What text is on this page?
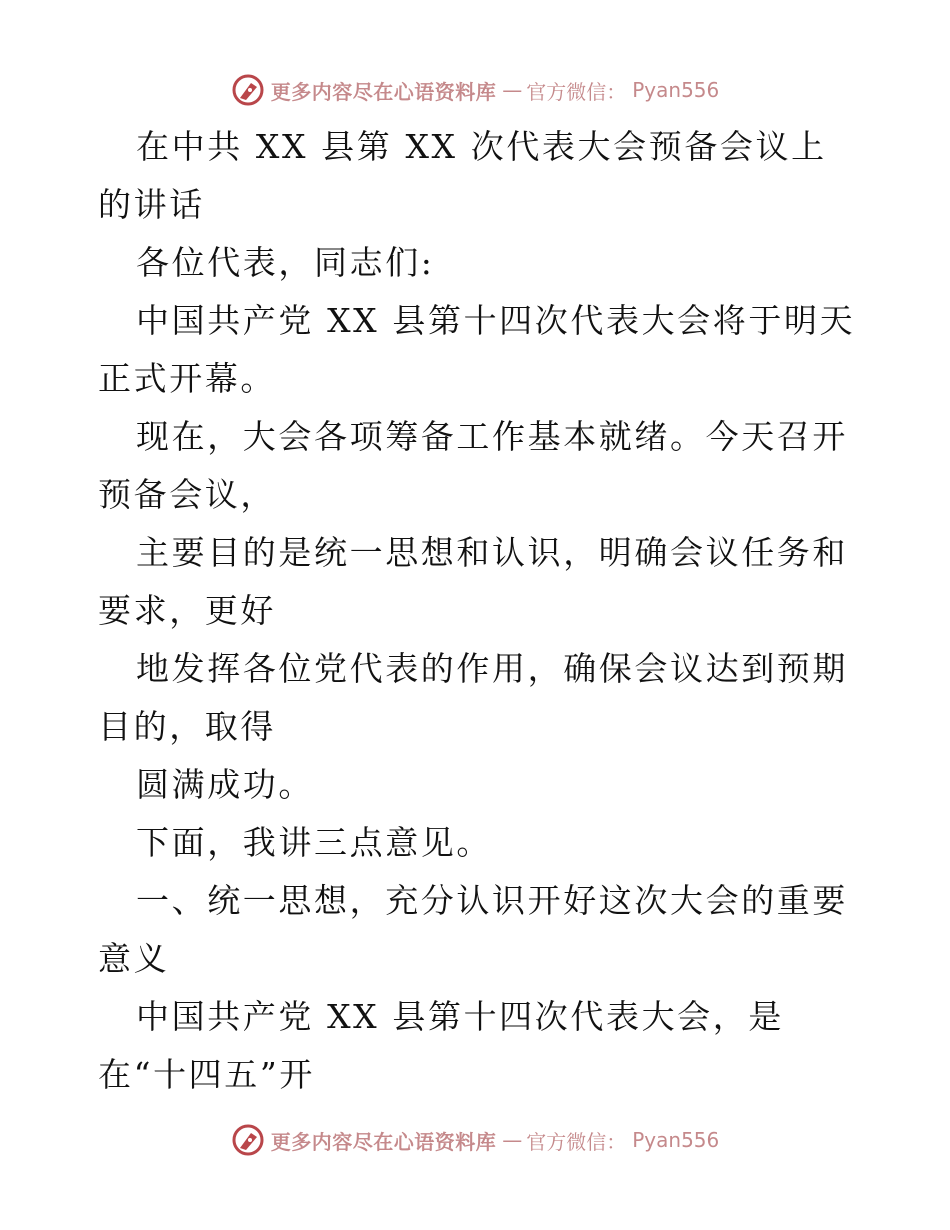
更多内容尽在心语资料库 — 官方微信： Pyan556

在中共 XX 县第 XX 次代表大会预备会议上的讲话

各位代表，同志们:

中国共产党 XX 县第十四次代表大会将于明天正式开幕。

现在，大会各项筹备工作基本就绪。今天召开预备会议，

主要目的是统一思想和认识，明确会议任务和要求，更好

地发挥各位党代表的作用，确保会议达到预期目的，取得

圆满成功。

下面，我讲三点意见。

一、统一思想，充分认识开好这次大会的重要意义

中国共产党 XX 县第十四次代表大会，是在“十四五”开

更多内容尽在心语资料库 — 官方微信： Pyan556
